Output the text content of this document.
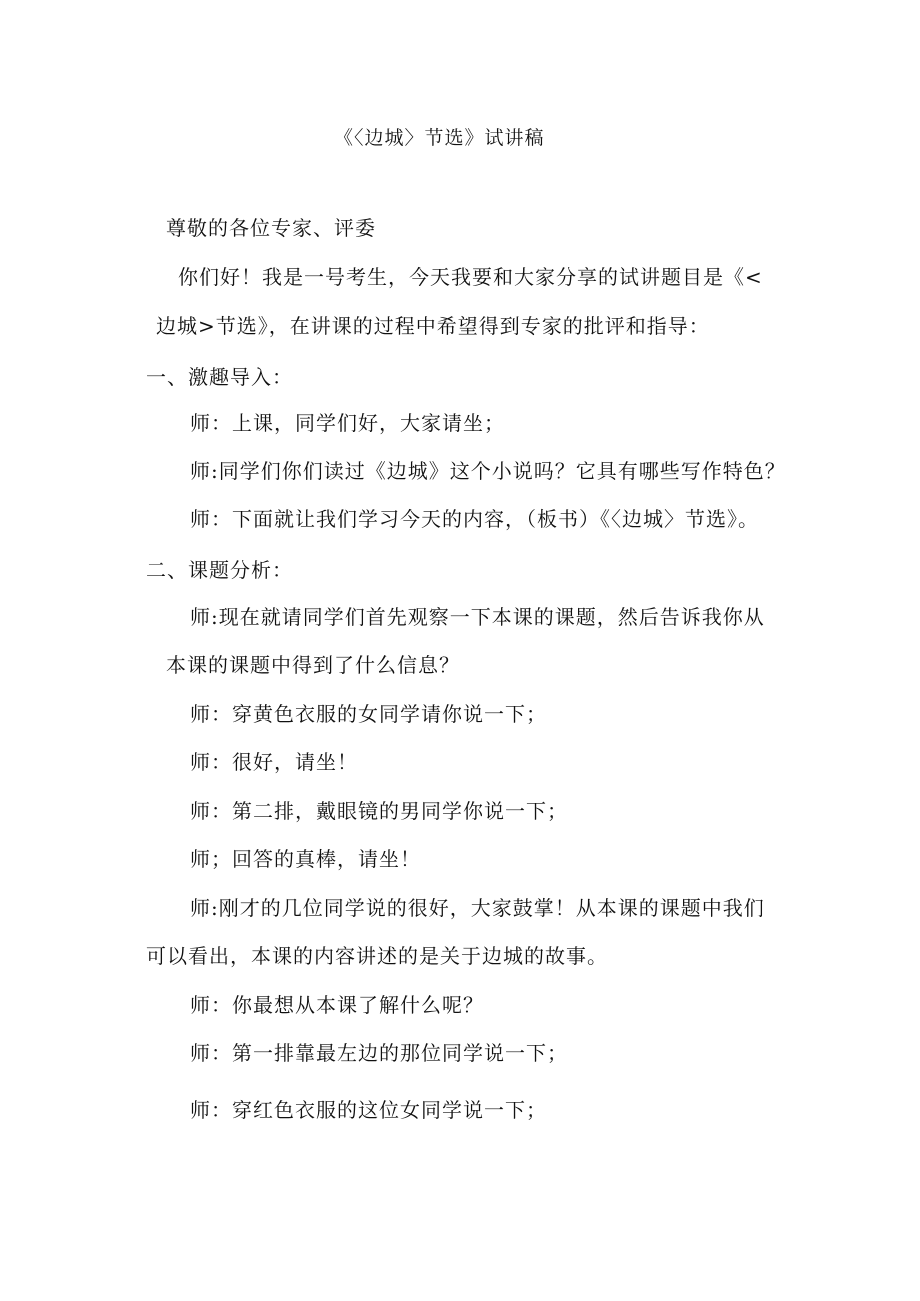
《〈边城〉节选》试讲稿
尊敬的各位专家、评委
你们好！我是一号考生，今天我要和大家分享的试讲题目是《<
边城>节选》，在讲课的过程中希望得到专家的批评和指导：
一、激趣导入：
师：上课，同学们好，大家请坐；
师:同学们你们读过《边城》这个小说吗？它具有哪些写作特色？
师：下面就让我们学习今天的内容，（板书）《〈边城〉节选》。
二、课题分析：
师:现在就请同学们首先观察一下本课的课题，然后告诉我你从
本课的课题中得到了什么信息？
师：穿黄色衣服的女同学请你说一下；
师：很好，请坐！
师：第二排，戴眼镜的男同学你说一下；
师；回答的真棒，请坐！
师:刚才的几位同学说的很好，大家鼓掌！从本课的课题中我们
可以看出，本课的内容讲述的是关于边城的故事。
师：你最想从本课了解什么呢？
师：第一排靠最左边的那位同学说一下；
师：穿红色衣服的这位女同学说一下；
